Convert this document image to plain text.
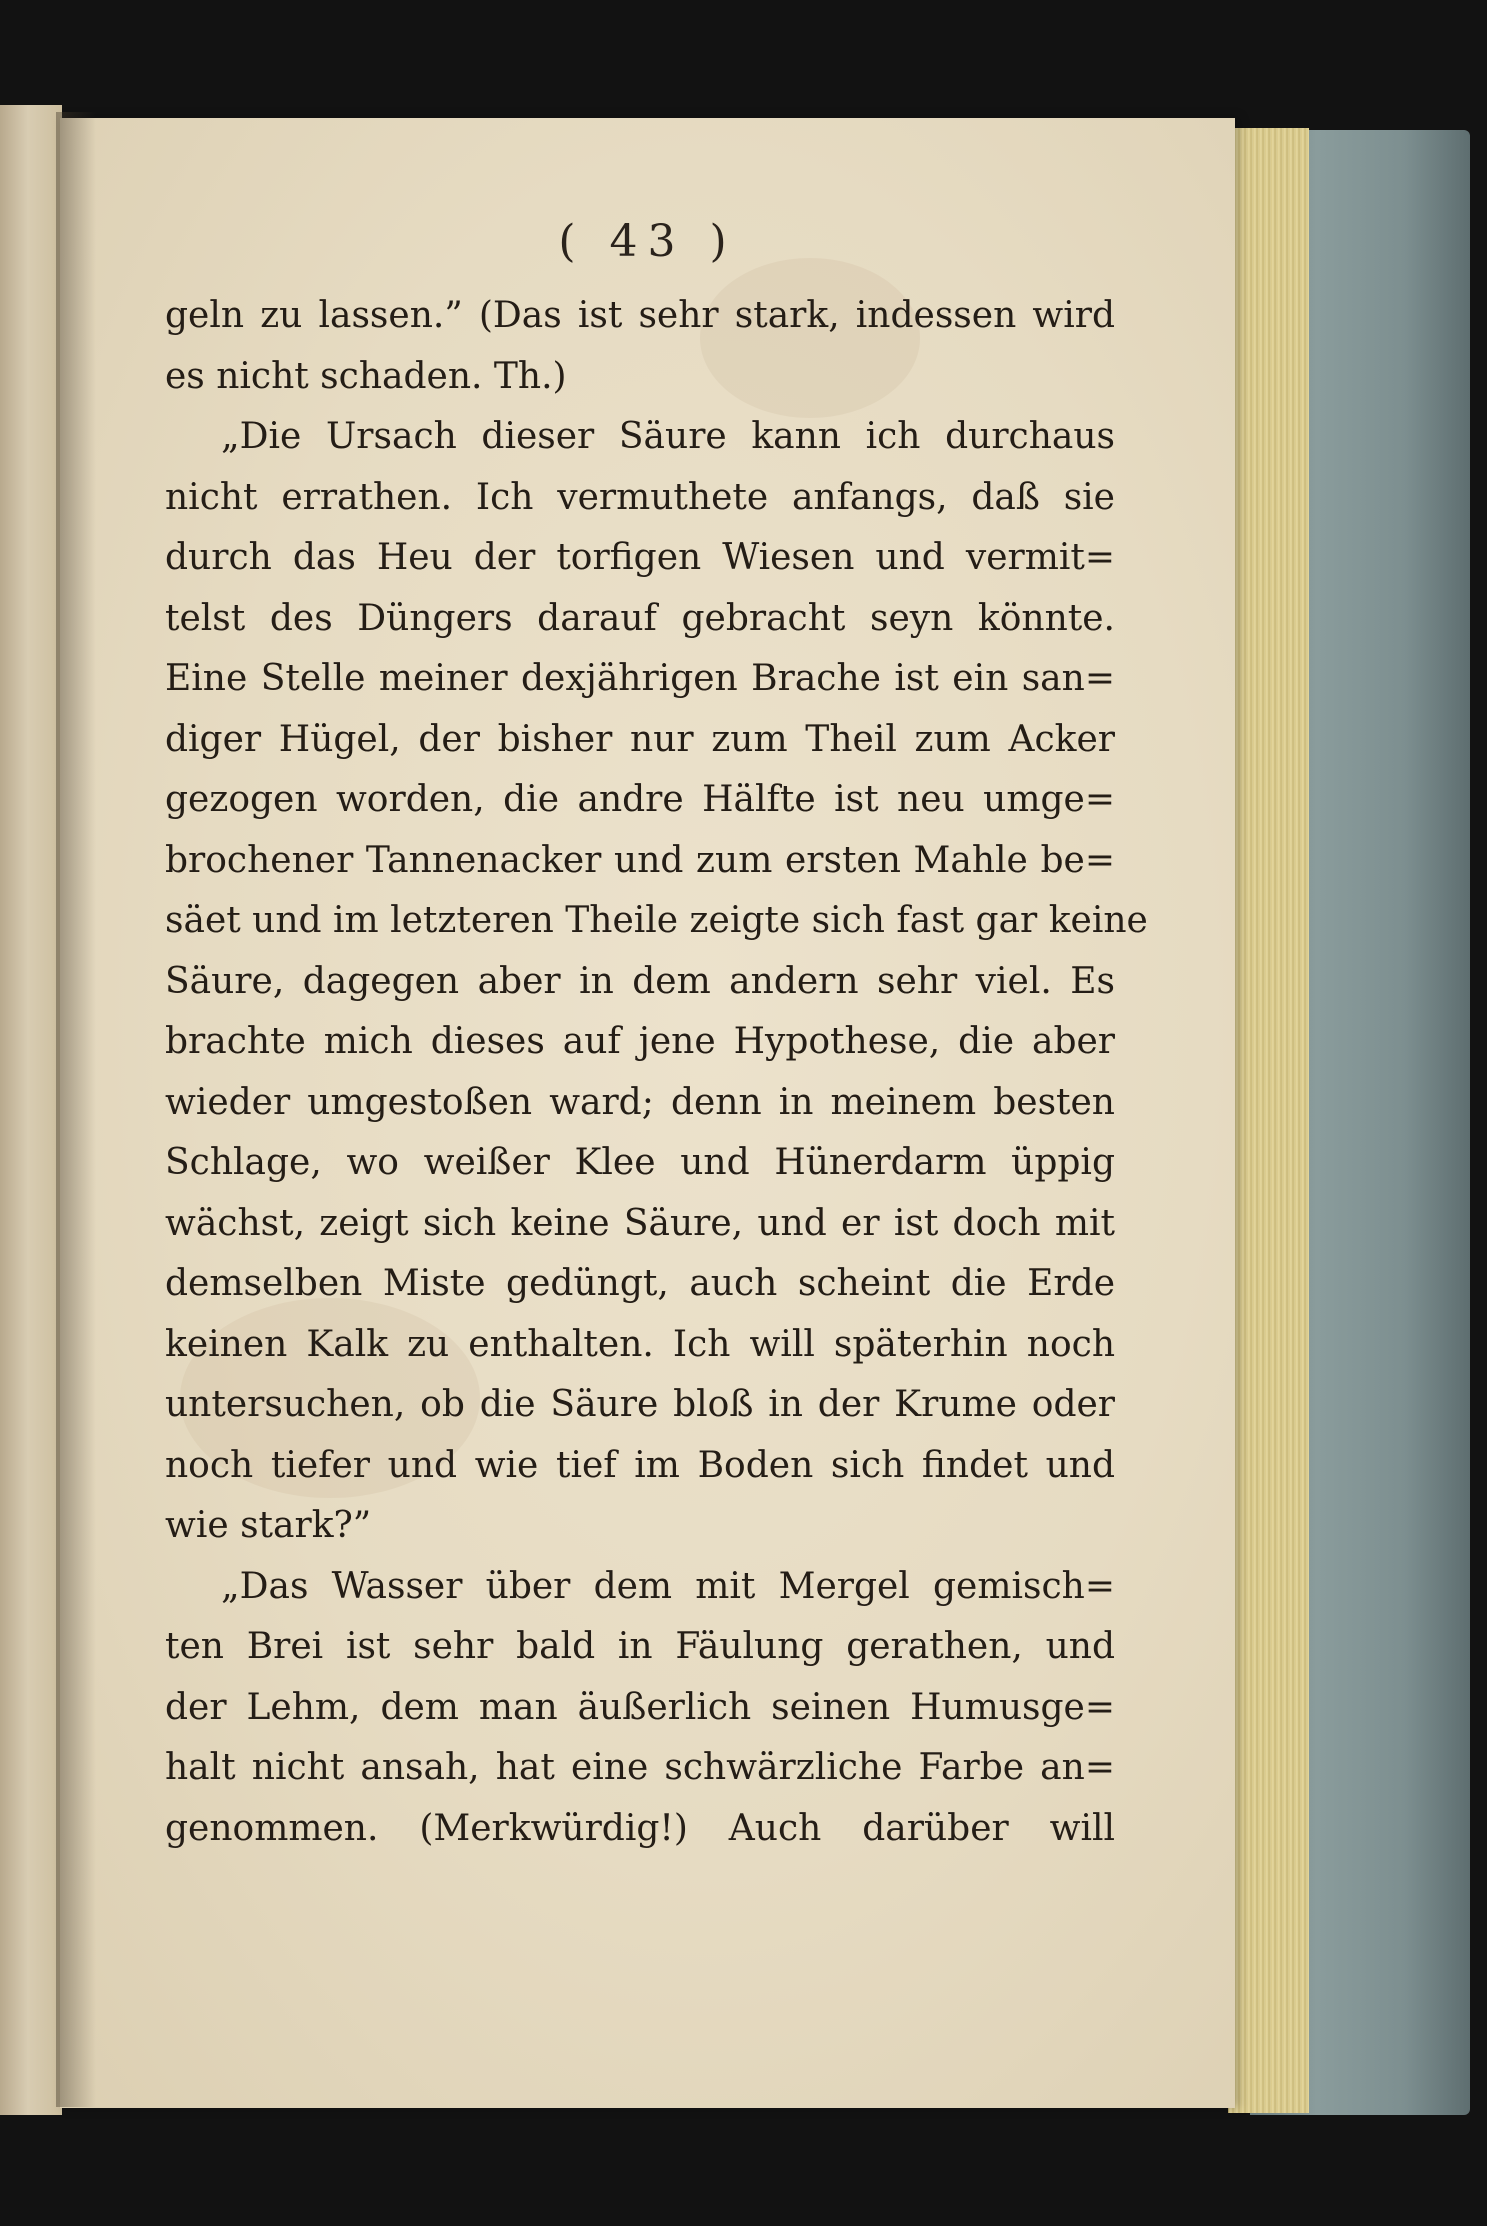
( 43 )
geln zu lassen.” (Das ist sehr stark, indessen wird
es nicht schaden. Th.)
„Die Ursach dieser Säure kann ich durchaus
nicht errathen. Ich vermuthete anfangs, daß sie
durch das Heu der torfigen Wiesen und vermit=
telst des Düngers darauf gebracht seyn könnte.
Eine Stelle meiner dexjährigen Brache ist ein san=
diger Hügel, der bisher nur zum Theil zum Acker
gezogen worden, die andre Hälfte ist neu umge=
brochener Tannenacker und zum ersten Mahle be=
säet und im letzteren Theile zeigte sich fast gar keine
Säure, dagegen aber in dem andern sehr viel. Es
brachte mich dieses auf jene Hypothese, die aber
wieder umgestoßen ward; denn in meinem besten
Schlage, wo weißer Klee und Hünerdarm üppig
wächst, zeigt sich keine Säure, und er ist doch mit
demselben Miste gedüngt, auch scheint die Erde
keinen Kalk zu enthalten. Ich will späterhin noch
untersuchen, ob die Säure bloß in der Krume oder
noch tiefer und wie tief im Boden sich findet und
wie stark?”
„Das Wasser über dem mit Mergel gemisch=
ten Brei ist sehr bald in Fäulung gerathen, und
der Lehm, dem man äußerlich seinen Humusge=
halt nicht ansah, hat eine schwärzliche Farbe an=
genommen. (Merkwürdig!) Auch darüber will
